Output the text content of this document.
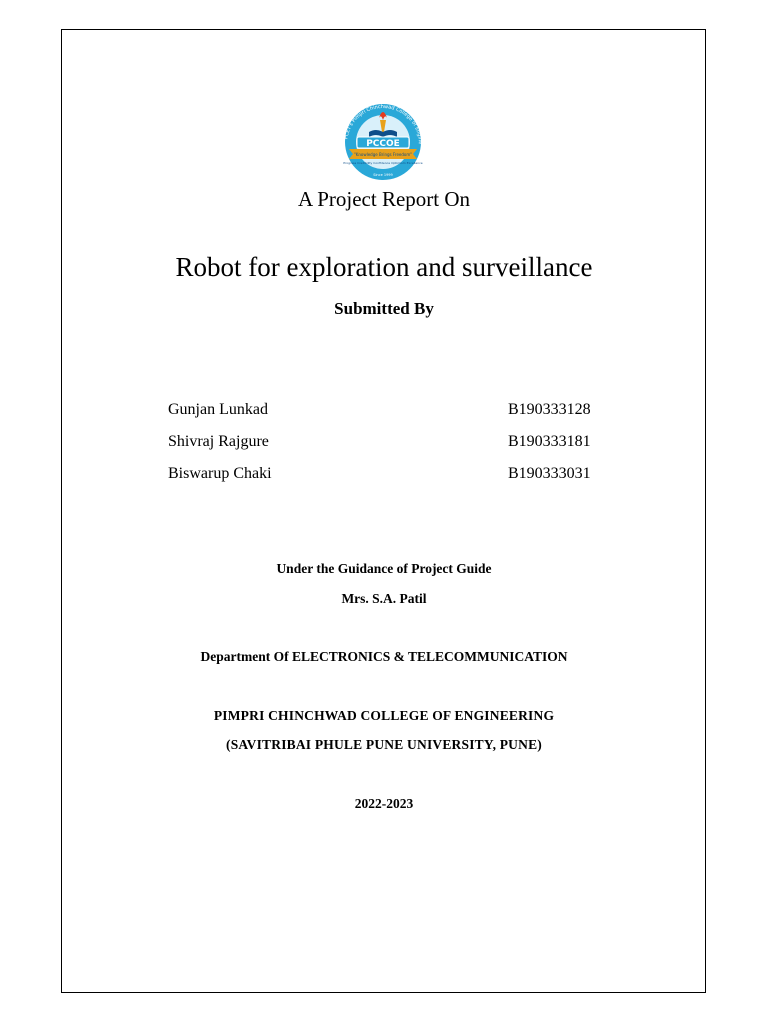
PCET's Pimpri Chinchwad College of Engine
PCCOE
"Knowledge Brings Freedom"
Progress Credibility Confidence Optimism Excellence
Since 1999
A Project Report On
Robot for exploration and surveillance
Submitted By
Gunjan Lunkad	B190333128
Shivraj Rajgure	B190333181
Biswarup Chaki	B190333031
Under the Guidance of Project Guide
Mrs. S.A. Patil
Department Of ELECTRONICS & TELECOMMUNICATION
PIMPRI CHINCHWAD COLLEGE OF ENGINEERING
(SAVITRIBAI PHULE PUNE UNIVERSITY, PUNE)
2022-2023
